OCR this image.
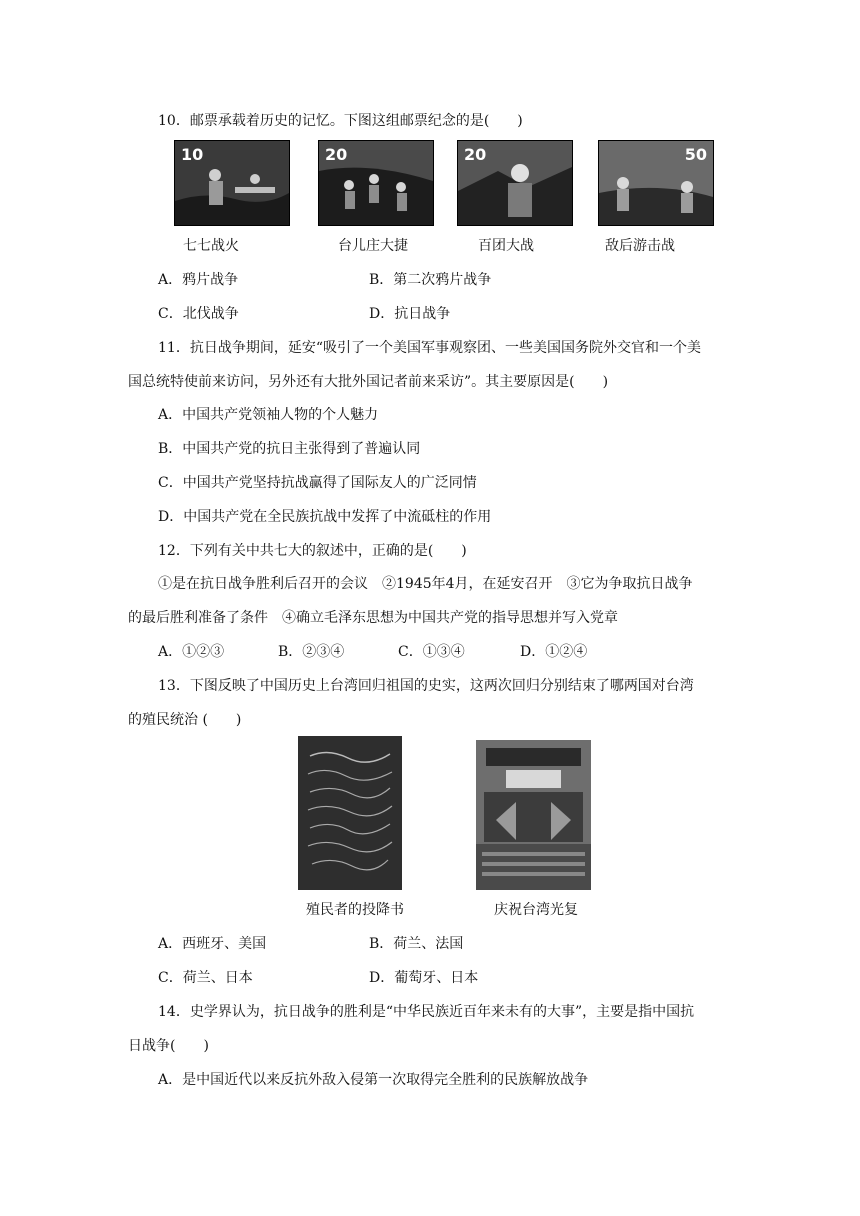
10．邮票承载着历史的记忆。下图这组邮票纪念的是(　　)
10	20	20	50
七七战火	台儿庄大捷	百团大战	敌后游击战
A．鸦片战争	B．第二次鸦片战争
C．北伐战争	D．抗日战争
11．抗日战争期间，延安“吸引了一个美国军事观察团、一些美国国务院外交官和一个美
国总统特使前来访问，另外还有大批外国记者前来采访”。其主要原因是(　　)
A．中国共产党领袖人物的个人魅力
B．中国共产党的抗日主张得到了普遍认同
C．中国共产党坚持抗战赢得了国际友人的广泛同情
D．中国共产党在全民族抗战中发挥了中流砥柱的作用
12．下列有关中共七大的叙述中，正确的是(　　)
①是在抗日战争胜利后召开的会议　②1945年4月，在延安召开　③它为争取抗日战争
的最后胜利准备了条件　④确立毛泽东思想为中国共产党的指导思想并写入党章
A．①②③	B．②③④	C．①③④	D．①②④
13．下图反映了中国历史上台湾回归祖国的史实，这两次回归分别结束了哪两国对台湾
的殖民统治 (　　)
殖民者的投降书	庆祝台湾光复
A．西班牙、美国	B．荷兰、法国
C．荷兰、日本	D．葡萄牙、日本
14．史学界认为，抗日战争的胜利是“中华民族近百年来未有的大事”，主要是指中国抗
日战争(　　)
A．是中国近代以来反抗外敌入侵第一次取得完全胜利的民族解放战争
